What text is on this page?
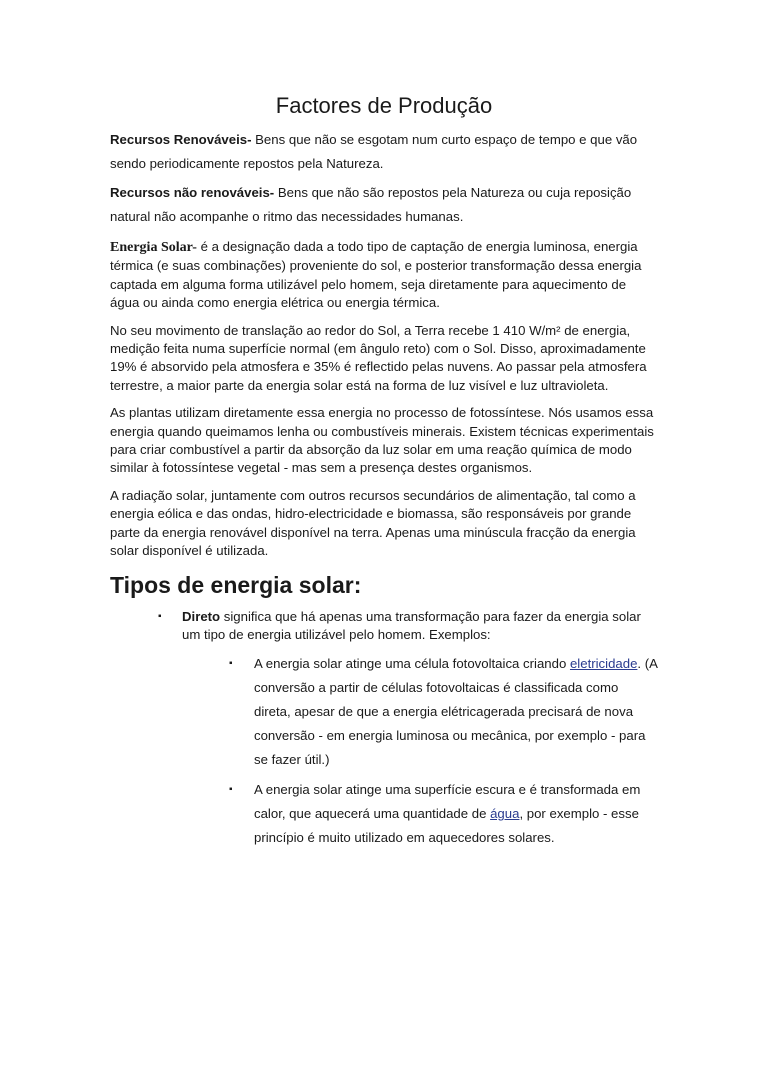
Factores de Produção

Recursos Renováveis- Bens que não se esgotam num curto espaço de tempo e que vão sendo periodicamente repostos pela Natureza.

Recursos não renováveis- Bens que não são repostos pela Natureza ou cuja reposição natural não acompanhe o ritmo das necessidades humanas.

Energia Solar- é a designação dada a todo tipo de captação de energia luminosa, energia térmica (e suas combinações) proveniente do sol, e posterior transformação dessa energia captada em alguma forma utilizável pelo homem, seja diretamente para aquecimento de água ou ainda como energia elétrica ou energia térmica.

No seu movimento de translação ao redor do Sol, a Terra recebe 1 410 W/m² de energia, medição feita numa superfície normal (em ângulo reto) com o Sol. Disso, aproximadamente 19% é absorvido pela atmosfera e 35% é reflectido pelas nuvens. Ao passar pela atmosfera terrestre, a maior parte da energia solar está na forma de luz visível e luz ultravioleta.

As plantas utilizam diretamente essa energia no processo de fotossíntese. Nós usamos essa energia quando queimamos lenha ou combustíveis minerais. Existem técnicas experimentais para criar combustível a partir da absorção da luz solar em uma reação química de modo similar à fotossíntese vegetal - mas sem a presença destes organismos.

A radiação solar, juntamente com outros recursos secundários de alimentação, tal como a energia eólica e das ondas, hidro-electricidade e biomassa, são responsáveis por grande parte da energia renovável disponível na terra. Apenas uma minúscula fracção da energia solar disponível é utilizada.

Tipos de energia solar:
▪ Direto significa que há apenas uma transformação para fazer da energia solar um tipo de energia utilizável pelo homem. Exemplos:
▪ A energia solar atinge uma célula fotovoltaica criando eletricidade. (A conversão a partir de células fotovoltaicas é classificada como direta, apesar de que a energia elétricagerada precisará de nova conversão - em energia luminosa ou mecânica, por exemplo - para se fazer útil.)
▪ A energia solar atinge uma superfície escura e é transformada em calor, que aquecerá uma quantidade de água, por exemplo - esse princípio é muito utilizado em aquecedores solares.
